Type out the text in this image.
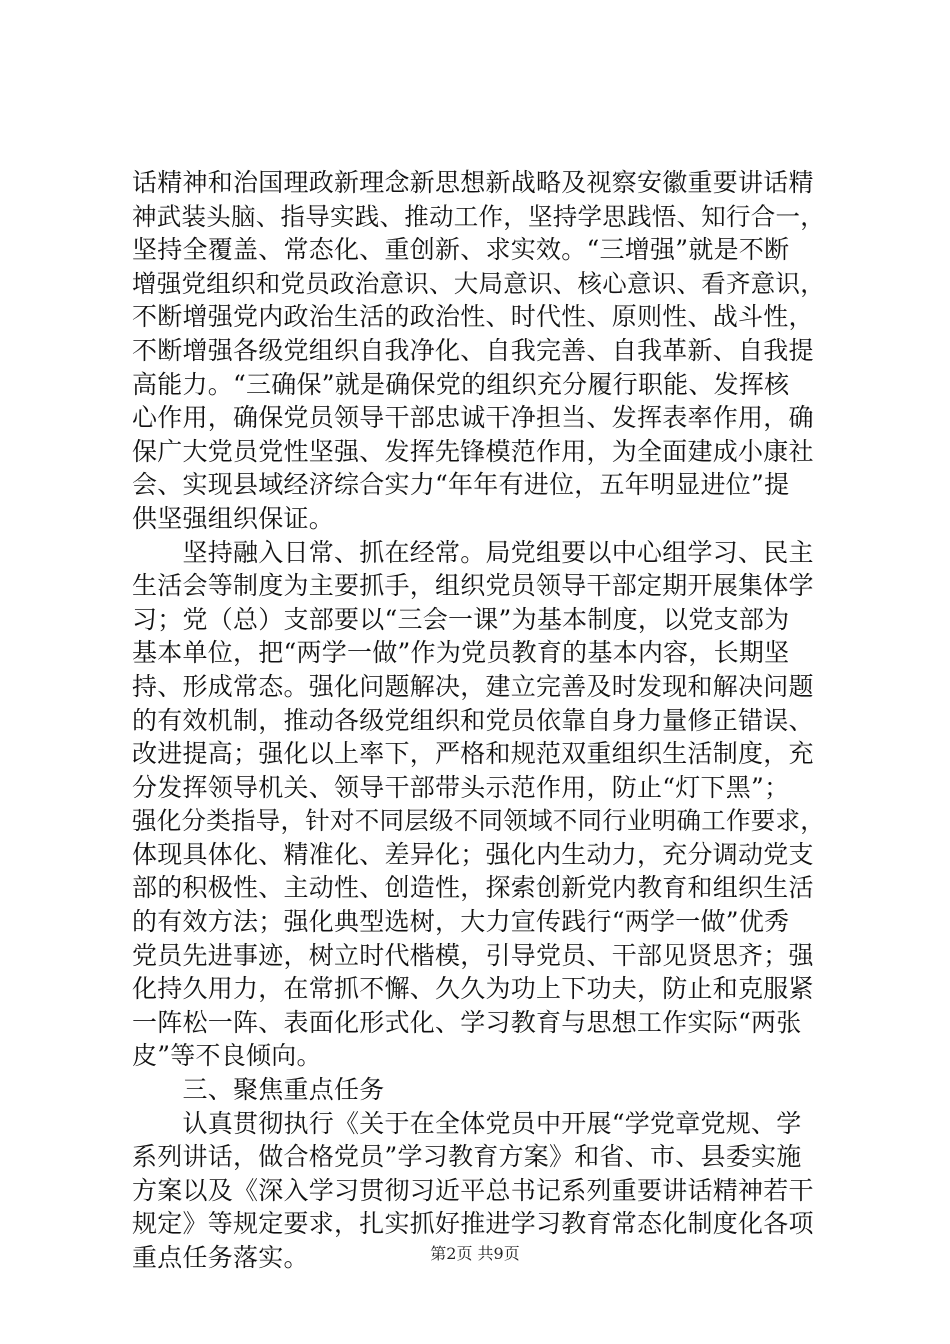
话精神和治国理政新理念新思想新战略及视察安徽重要讲话精
神武装头脑、指导实践、推动工作，坚持学思践悟、知行合一，
坚持全覆盖、常态化、重创新、求实效。“三增强”就是不断
增强党组织和党员政治意识、大局意识、核心意识、看齐意识，
不断增强党内政治生活的政治性、时代性、原则性、战斗性，
不断增强各级党组织自我净化、自我完善、自我革新、自我提
高能力。“三确保”就是确保党的组织充分履行职能、发挥核
心作用，确保党员领导干部忠诚干净担当、发挥表率作用，确
保广大党员党性坚强、发挥先锋模范作用，为全面建成小康社
会、实现县域经济综合实力“年年有进位，五年明显进位”提
供坚强组织保证。
　　坚持融入日常、抓在经常。局党组要以中心组学习、民主
生活会等制度为主要抓手，组织党员领导干部定期开展集体学
习；党（总）支部要以“三会一课”为基本制度，以党支部为
基本单位，把“两学一做”作为党员教育的基本内容，长期坚
持、形成常态。强化问题解决，建立完善及时发现和解决问题
的有效机制，推动各级党组织和党员依靠自身力量修正错误、
改进提高；强化以上率下，严格和规范双重组织生活制度，充
分发挥领导机关、领导干部带头示范作用，防止“灯下黑”；
强化分类指导，针对不同层级不同领域不同行业明确工作要求，
体现具体化、精准化、差异化；强化内生动力，充分调动党支
部的积极性、主动性、创造性，探索创新党内教育和组织生活
的有效方法；强化典型选树，大力宣传践行“两学一做”优秀
党员先进事迹，树立时代楷模，引导党员、干部见贤思齐；强
化持久用力，在常抓不懈、久久为功上下功夫，防止和克服紧
一阵松一阵、表面化形式化、学习教育与思想工作实际“两张
皮”等不良倾向。
　　三、聚焦重点任务
　　认真贯彻执行《关于在全体党员中开展“学党章党规、学
系列讲话，做合格党员”学习教育方案》和省、市、县委实施
方案以及《深入学习贯彻习近平总书记系列重要讲话精神若干
规定》等规定要求，扎实抓好推进学习教育常态化制度化各项
重点任务落实。	第2页 共9页
